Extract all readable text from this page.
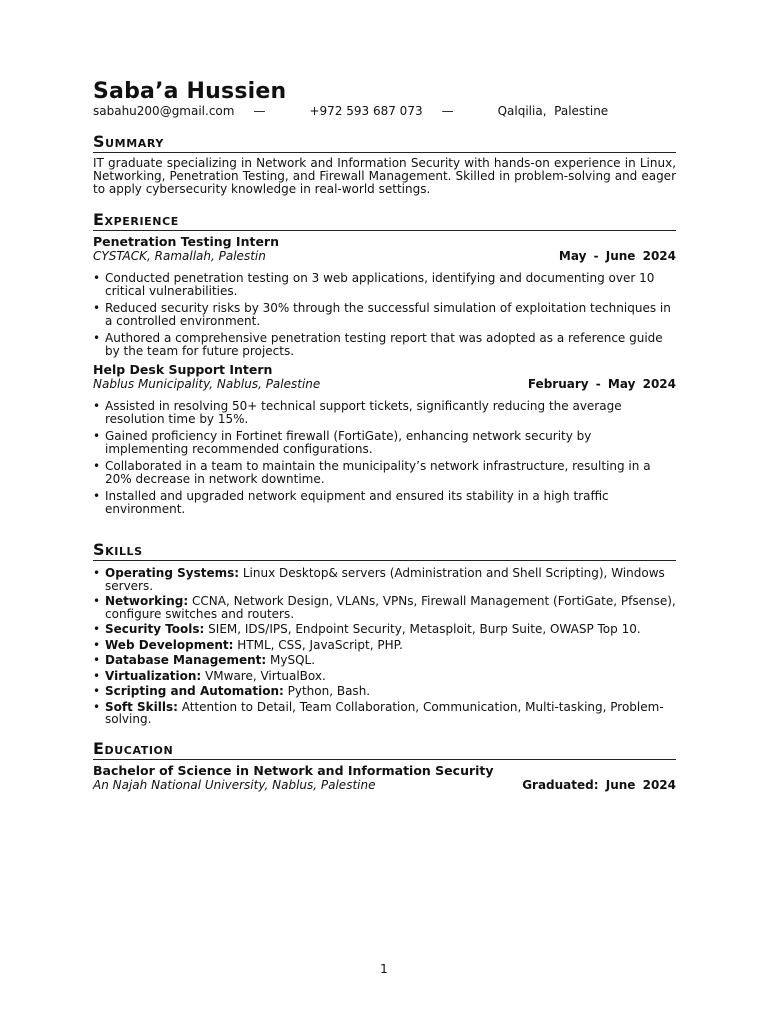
Saba’a Hussien
sabahu200@gmail.com —	+972 593 687 073 —	Qalqilia,  Palestine
Summary

IT graduate specializing in Network and Information Security with hands-on experience in Linux, Networking, Penetration Testing, and Firewall Management. Skilled in problem-solving and eager to apply cybersecurity knowledge in real-world settings.

Experience
Penetration Testing Intern
CYSTACK, Ramallah, Palestin	May - June 2024
• Conducted penetration testing on 3 web applications, identifying and documenting over 10 critical vulnerabilities.
• Reduced security risks by 30% through the successful simulation of exploitation techniques in a controlled environment.
• Authored a comprehensive penetration testing report that was adopted as a reference guide by the team for future projects.
Help Desk Support Intern
Nablus Municipality, Nablus, Palestine	February - May 2024
• Assisted in resolving 50+ technical support tickets, significantly reducing the average resolution time by 15%.
• Gained proficiency in Fortinet firewall (FortiGate), enhancing network security by implementing recommended configurations.
• Collaborated in a team to maintain the municipality’s network infrastructure, resulting in a 20% decrease in network downtime.
• Installed and upgraded network equipment and ensured its stability in a high traffic environment.
Skills
• Operating Systems: Linux Desktop& servers (Administration and Shell Scripting), Windows servers.
• Networking: CCNA, Network Design, VLANs, VPNs, Firewall Management (FortiGate, Pfsense), configure switches and routers.
• Security Tools: SIEM, IDS/IPS, Endpoint Security, Metasploit, Burp Suite, OWASP Top 10.
• Web Development: HTML, CSS, JavaScript, PHP.
• Database Management: MySQL.
• Virtualization: VMware, VirtualBox.
• Scripting and Automation: Python, Bash.
• Soft Skills: Attention to Detail, Team Collaboration, Communication, Multi-tasking, Problem-solving.
Education
Bachelor of Science in Network and Information Security
An Najah National University, Nablus, Palestine	Graduated: June 2024
1
